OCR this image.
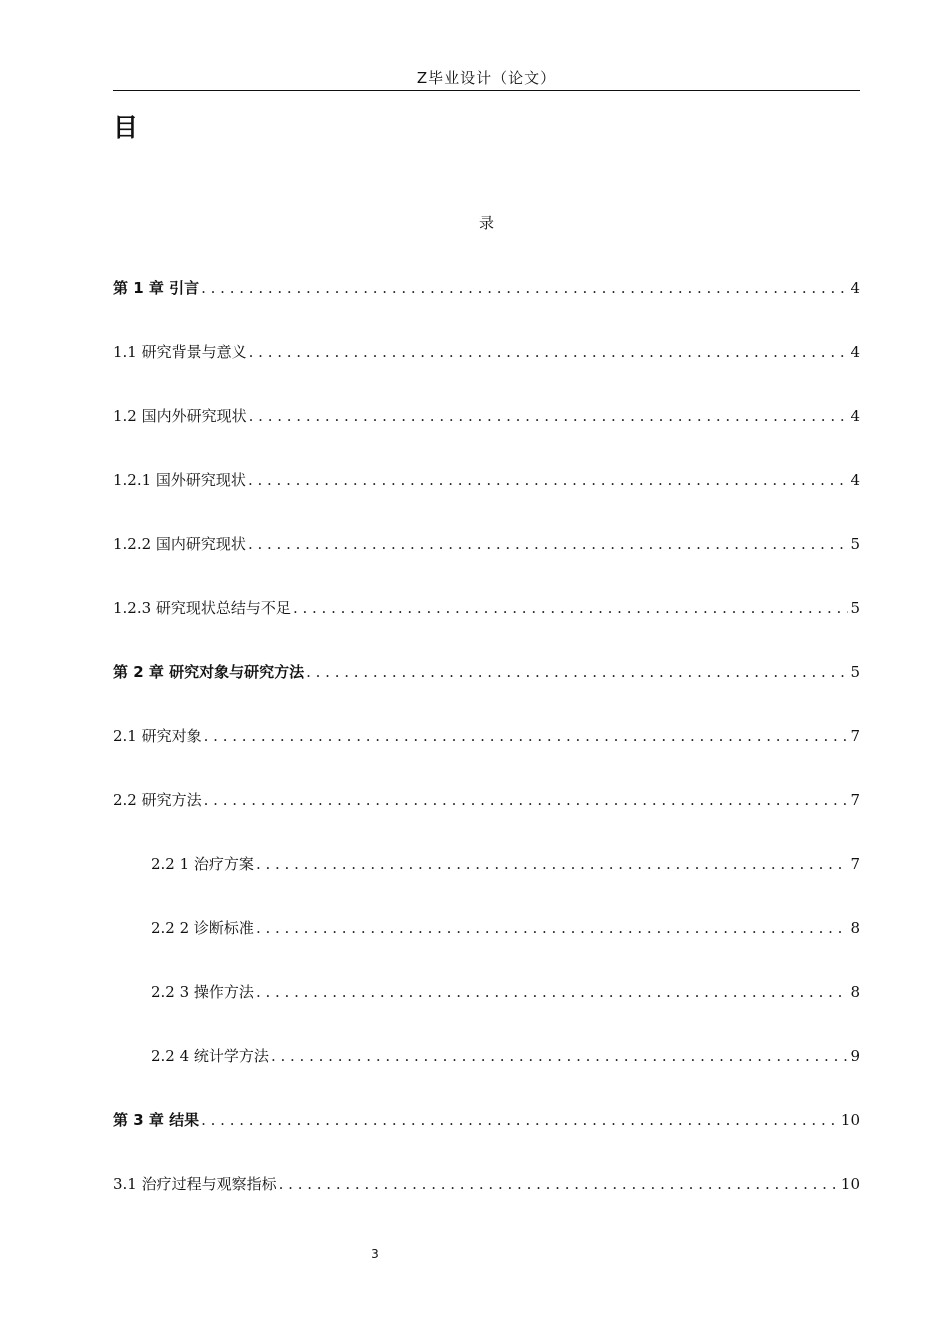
Z毕业设计（论文）
目
录
第 1 章 引言 . . .	4
1.1 研究背景与意义 . . .	4
1.2 国内外研究现状 . . .	4
1.2.1 国外研究现状 . . .	4
1.2.2 国内研究现状 . . .	5
1.2.3 研究现状总结与不足 . . .	5
第 2 章 研究对象与研究方法 . . .	5
2.1 研究对象 . . .	7
2.2 研究方法 . . .	7
2.2 1 治疗方案 . . .	7
2.2 2 诊断标准 . . .	8
2.2 3 操作方法 . . .	8
2.2 4 统计学方法 . . .	9
第 3 章 结果 . . .	10
3.1 治疗过程与观察指标 . . .	10
3
